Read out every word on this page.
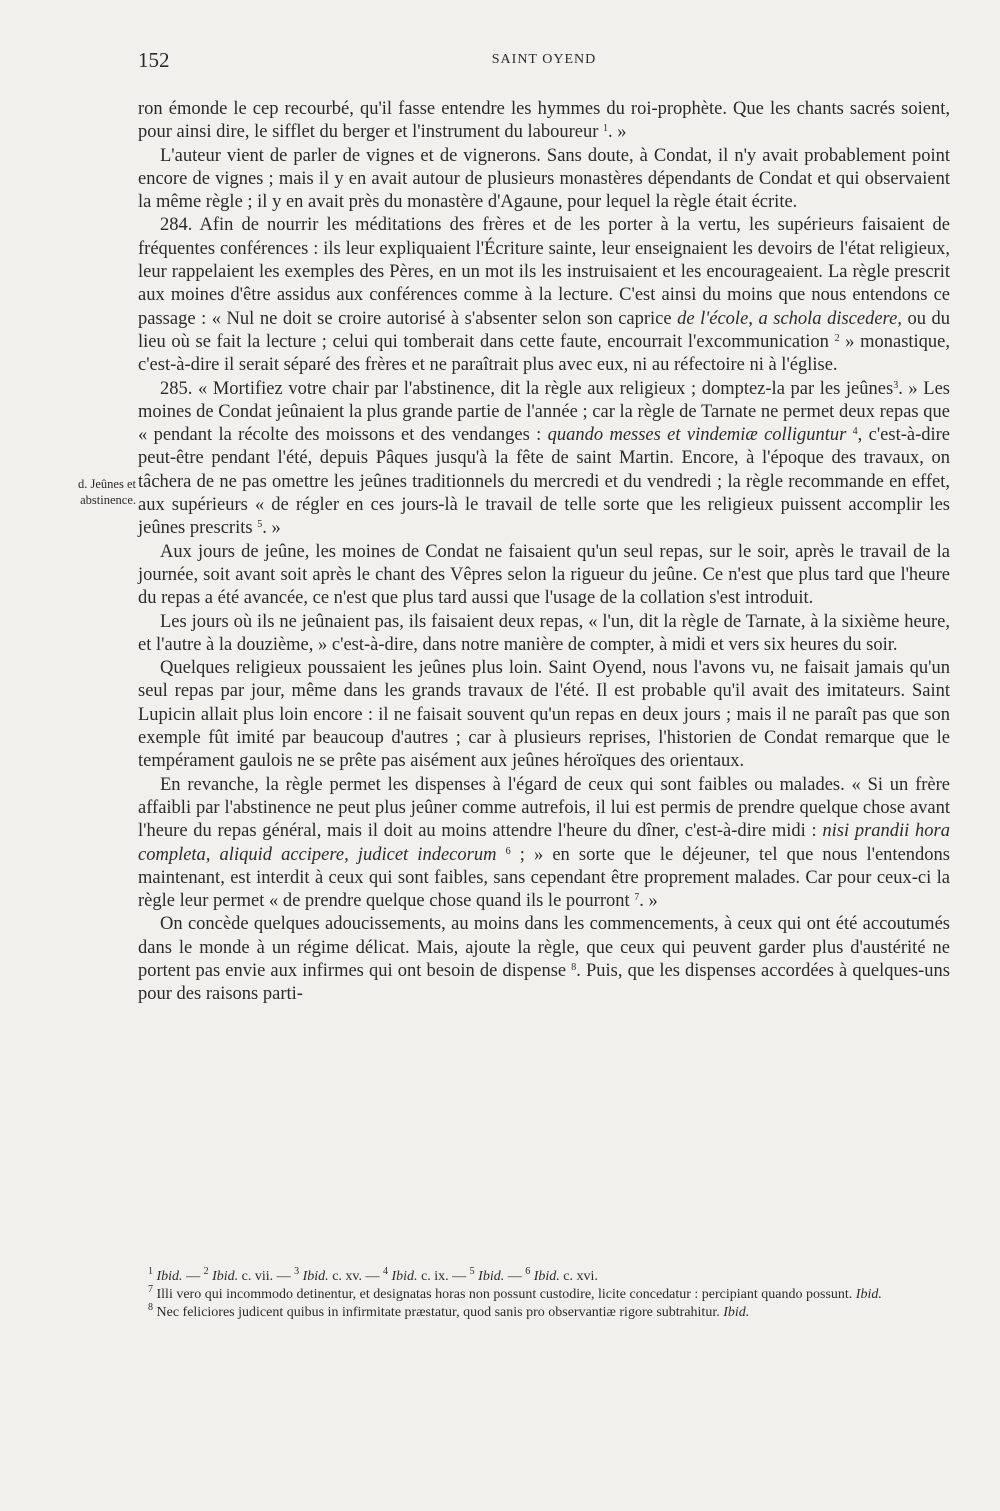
152	SAINT OYEND
d. Jeûnes et
abstinence.

ron émonde le cep recourbé, qu'il fasse entendre les hymmes du roi-prophète. Que les chants sacrés soient, pour ainsi dire, le sifflet du berger et l'instrument du laboureur $^1$. »

L'auteur vient de parler de vignes et de vignerons. Sans doute, à Condat, il n'y avait probablement point encore de vignes ; mais il y en avait autour de plusieurs monastères dépendants de Condat et qui observaient la même règle ; il y en avait près du monastère d'Agaune, pour lequel la règle était écrite.

284. Afin de nourrir les méditations des frères et de les porter à la vertu, les supérieurs faisaient de fréquentes conférences : ils leur expliquaient l'Écriture sainte, leur enseignaient les devoirs de l'état religieux, leur rappelaient les exemples des Pères, en un mot ils les instruisaient et les encourageaient. La règle prescrit aux moines d'être assidus aux conférences comme à la lecture. C'est ainsi du moins que nous entendons ce passage : « Nul ne doit se croire autorisé à s'absenter selon son caprice de l'école, a schola discedere, ou du lieu où se fait la lecture ; celui qui tomberait dans cette faute, encourrait l'excommunication $^2$ » monastique, c'est-à-dire il serait séparé des frères et ne paraîtrait plus avec eux, ni au réfectoire ni à l'église.

285. « Mortifiez votre chair par l'abstinence, dit la règle aux religieux ; domptez-la par les jeûnes$^3$. » Les moines de Condat jeûnaient la plus grande partie de l'année ; car la règle de Tarnate ne permet deux repas que « pendant la récolte des moissons et des vendanges : quando messes et vindemiæ colliguntur $^4$, c'est-à-dire peut-être pendant l'été, depuis Pâques jusqu'à la fête de saint Martin. Encore, à l'époque des travaux, on tâchera de ne pas omettre les jeûnes traditionnels du mercredi et du vendredi ; la règle recommande en effet, aux supérieurs « de régler en ces jours-là le travail de telle sorte que les religieux puissent accomplir les jeûnes prescrits $^5$. »

Aux jours de jeûne, les moines de Condat ne faisaient qu'un seul repas, sur le soir, après le travail de la journée, soit avant soit après le chant des Vêpres selon la rigueur du jeûne. Ce n'est que plus tard que l'heure du repas a été avancée, ce n'est que plus tard aussi que l'usage de la collation s'est introduit.

Les jours où ils ne jeûnaient pas, ils faisaient deux repas, « l'un, dit la règle de Tarnate, à la sixième heure, et l'autre à la douzième, » c'est-à-dire, dans notre manière de compter, à midi et vers six heures du soir.

Quelques religieux poussaient les jeûnes plus loin. Saint Oyend, nous l'avons vu, ne faisait jamais qu'un seul repas par jour, même dans les grands travaux de l'été. Il est probable qu'il avait des imitateurs. Saint Lupicin allait plus loin encore : il ne faisait souvent qu'un repas en deux jours ; mais il ne paraît pas que son exemple fût imité par beaucoup d'autres ; car à plusieurs reprises, l'historien de Condat remarque que le tempérament gaulois ne se prête pas aisément aux jeûnes héroïques des orientaux.

En revanche, la règle permet les dispenses à l'égard de ceux qui sont faibles ou malades. « Si un frère affaibli par l'abstinence ne peut plus jeûner comme autrefois, il lui est permis de prendre quelque chose avant l'heure du repas général, mais il doit au moins attendre l'heure du dîner, c'est-à-dire midi : nisi prandii hora completa, aliquid accipere, judicet indecorum $^6$ ; » en sorte que le déjeuner, tel que nous l'entendons maintenant, est interdit à ceux qui sont faibles, sans cependant être proprement malades. Car pour ceux-ci la règle leur permet « de prendre quelque chose quand ils le pourront $^7$. »

On concède quelques adoucissements, au moins dans les commencements, à ceux qui ont été accoutumés dans le monde à un régime délicat. Mais, ajoute la règle, que ceux qui peuvent garder plus d'austérité ne portent pas envie aux infirmes qui ont besoin de dispense $^8$. Puis, que les dispenses accordées à quelques-uns pour des raisons parti-

$^1$ Ibid. — $^2$ Ibid. c. vii. — $^3$ Ibid. c. xv. — $^4$ Ibid. c. ix. — $^5$ Ibid. — $^6$ Ibid. c. xvi.

$^7$ Illi vero qui incommodo detinentur, et designatas horas non possunt custodire, licite concedatur : percipiant quando possunt. Ibid.

$^8$ Nec feliciores judicent quibus in infirmitate præstatur, quod sanis pro observantiæ rigore subtrahitur. Ibid.
